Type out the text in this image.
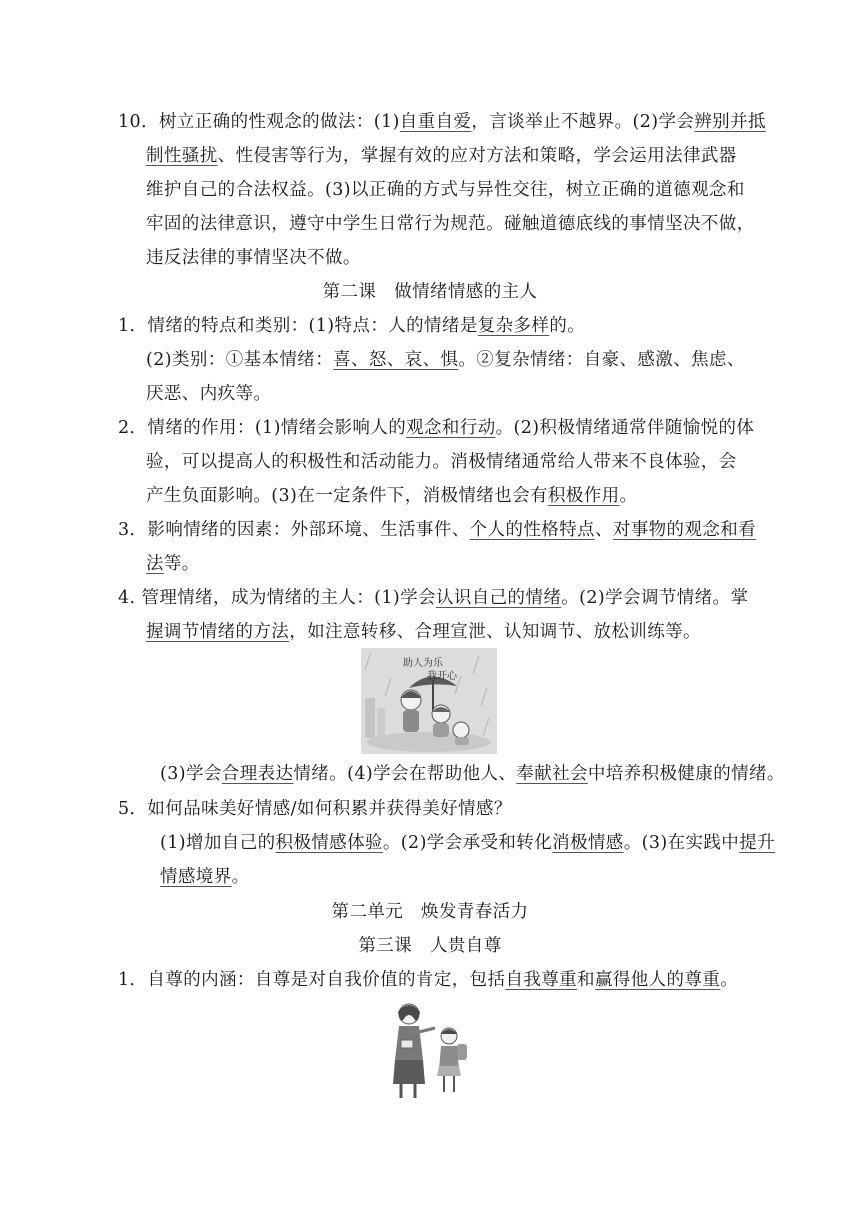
10．树立正确的性观念的做法：(1)自重自爱，言谈举止不越界。(2)学会辨别并抵
制性骚扰、性侵害等行为，掌握有效的应对方法和策略，学会运用法律武器
维护自己的合法权益。(3)以正确的方式与异性交往，树立正确的道德观念和
牢固的法律意识，遵守中学生日常行为规范。碰触道德底线的事情坚决不做，
违反法律的事情坚决不做。
第二课　做情绪情感的主人
1．情绪的特点和类别：(1)特点：人的情绪是复杂多样的。
(2)类别：①基本情绪：喜、怒、哀、惧。②复杂情绪：自豪、感激、焦虑、
厌恶、内疚等。
2．情绪的作用：(1)情绪会影响人的观念和行动。(2)积极情绪通常伴随愉悦的体
验，可以提高人的积极性和活动能力。消极情绪通常给人带来不良体验，会
产生负面影响。(3)在一定条件下，消极情绪也会有积极作用。
3．影响情绪的因素：外部环境、生活事件、个人的性格特点、对事物的观念和看
法等。
4. 管理情绪，成为情绪的主人：(1)学会认识自己的情绪。(2)学会调节情绪。掌
握调节情绪的方法，如注意转移、合理宣泄、认知调节、放松训练等。
助人为乐
我开心
(3)学会合理表达情绪。(4)学会在帮助他人、奉献社会中培养积极健康的情绪。
5．如何品味美好情感/如何积累并获得美好情感？
(1)增加自己的积极情感体验。(2)学会承受和转化消极情感。(3)在实践中提升
情感境界。
第二单元　焕发青春活力
第三课　人贵自尊
1．自尊的内涵：自尊是对自我价值的肯定，包括自我尊重和赢得他人的尊重。
